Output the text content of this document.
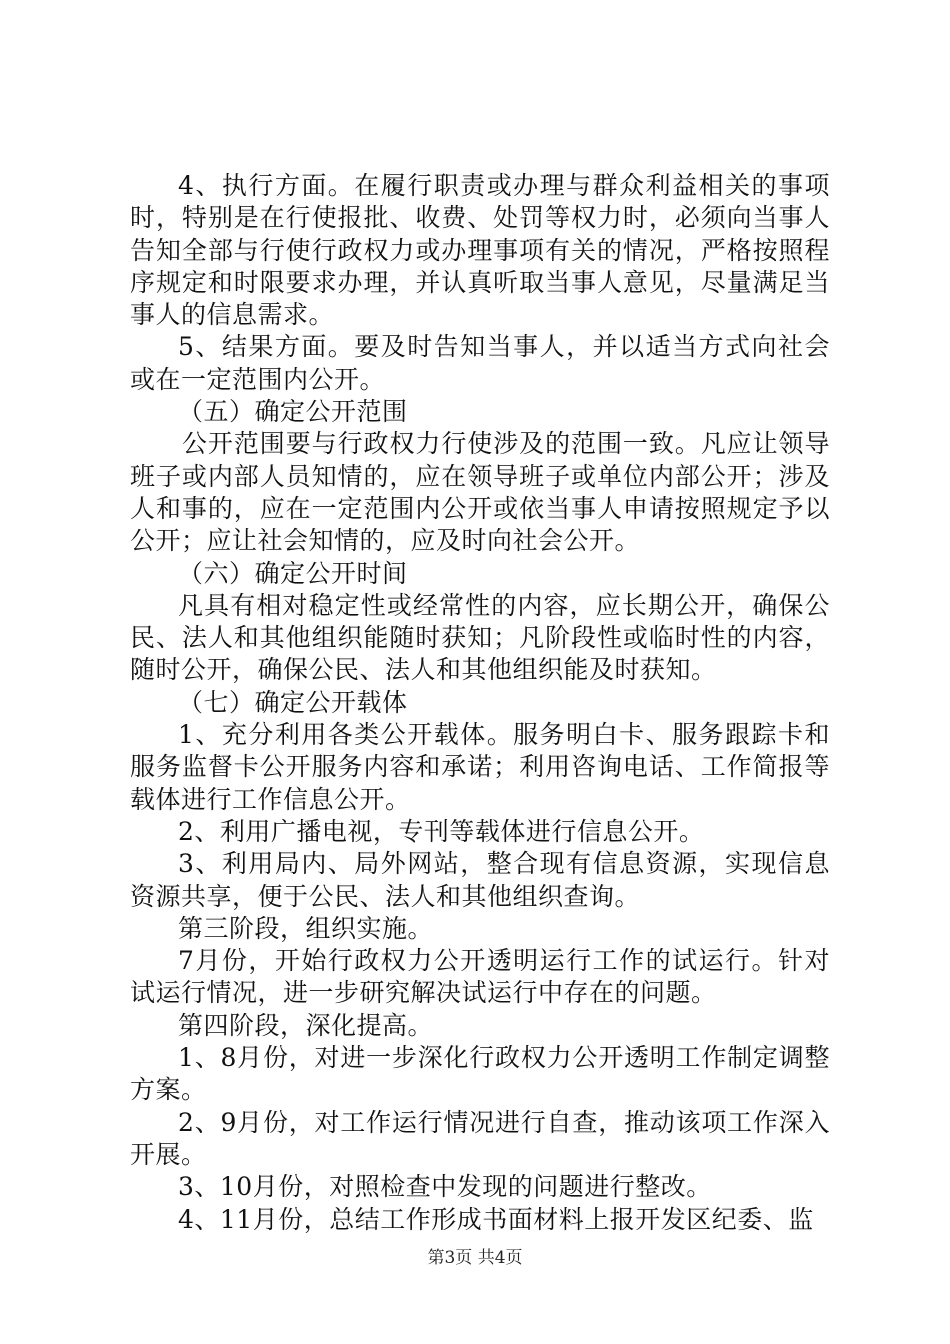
4、执行方面。在履行职责或办理与群众利益相关的事项时，特别是在行使报批、收费、处罚等权力时，必须向当事人告知全部与行使行政权力或办理事项有关的情况，严格按照程序规定和时限要求办理，并认真听取当事人意见，尽量满足当事人的信息需求。

5、结果方面。要及时告知当事人，并以适当方式向社会或在一定范围内公开。

（五）确定公开范围

公开范围要与行政权力行使涉及的范围一致。凡应让领导班子或内部人员知情的，应在领导班子或单位内部公开；涉及人和事的，应在一定范围内公开或依当事人申请按照规定予以公开；应让社会知情的，应及时向社会公开。

（六）确定公开时间

凡具有相对稳定性或经常性的内容，应长期公开，确保公民、法人和其他组织能随时获知；凡阶段性或临时性的内容，随时公开，确保公民、法人和其他组织能及时获知。

（七）确定公开载体

1、充分利用各类公开载体。服务明白卡、服务跟踪卡和服务监督卡公开服务内容和承诺；利用咨询电话、工作简报等载体进行工作信息公开。

2、利用广播电视，专刊等载体进行信息公开。

3、利用局内、局外网站，整合现有信息资源，实现信息资源共享，便于公民、法人和其他组织查询。

第三阶段，组织实施。

7月份，开始行政权力公开透明运行工作的试运行。针对试运行情况，进一步研究解决试运行中存在的问题。

第四阶段，深化提高。

1、8月份，对进一步深化行政权力公开透明工作制定调整方案。

2、9月份，对工作运行情况进行自查，推动该项工作深入开展。

3、10月份，对照检查中发现的问题进行整改。

4、11月份，总结工作形成书面材料上报开发区纪委、监

第3页 共4页
